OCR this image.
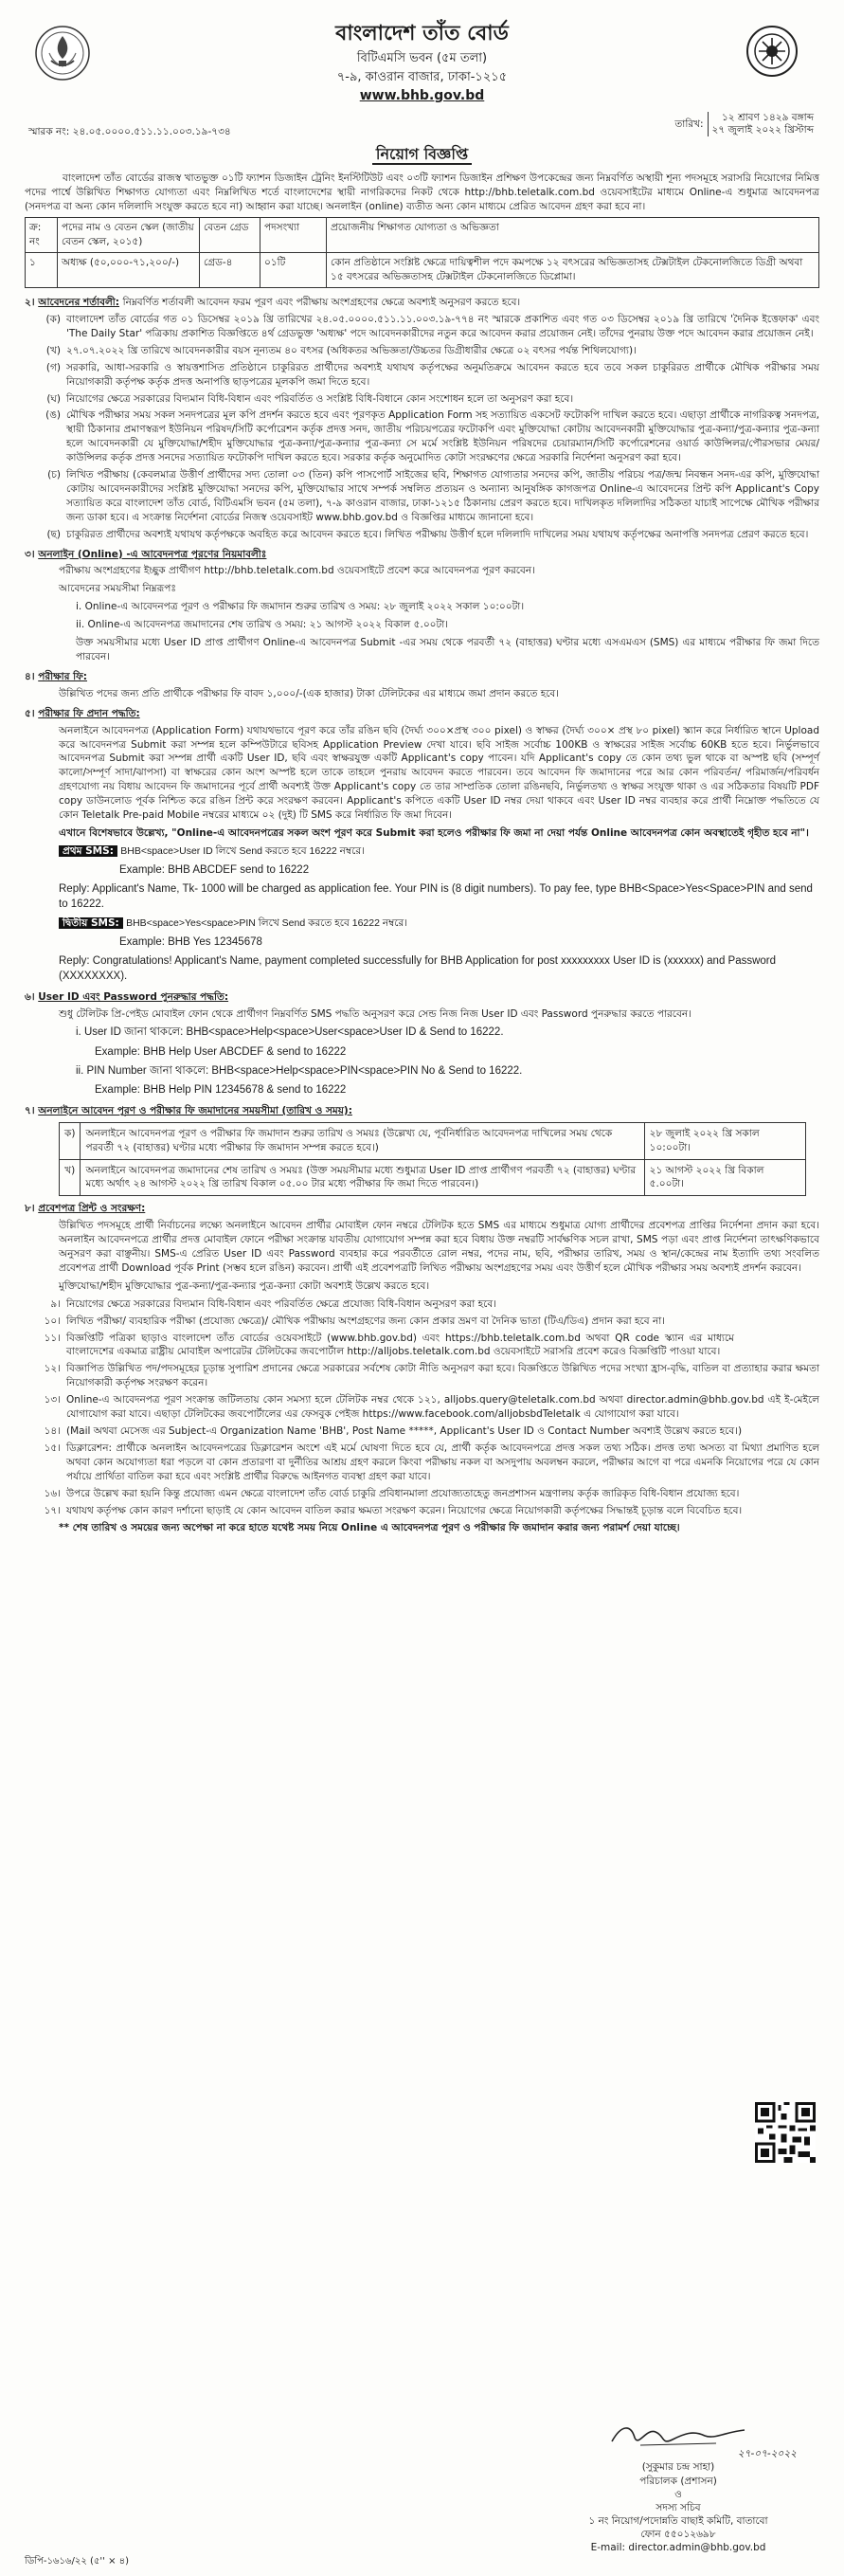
বাংলাদেশ তাঁত বোর্ড
বিটিএমসি ভবন (৫ম তলা)
৭-৯, কাওরান বাজার, ঢাকা-১২১৫
www.bhb.gov.bd
স্মারক নং: ২৪.০৫.০০০০.৫১১.১১.০০৩.১৯-৭৩৪
তারিখ:
১২ শ্রাবণ ১৪২৯ বঙ্গাব্দ
২৭ জুলাই ২০২২ খ্রিস্টাব্দ
নিয়োগ বিজ্ঞপ্তি

বাংলাদেশ তাঁত বোর্ডের রাজস্ব খাতভুক্ত ০১টি ফ্যাশন ডিজাইন ট্রেনিং ইনস্টিটিউট এবং ০৩টি ফ্যাশন ডিজাইন প্রশিক্ষণ উপকেন্দ্রের জন্য নিম্নবর্ণিত অস্থায়ী শূন্য পদসমূহে সরাসরি নিয়োগের নিমিত্ত পদের পার্শ্বে উল্লিখিত শিক্ষাগত যোগ্যতা এবং নিম্নলিখিত শর্তে বাংলাদেশের স্থায়ী নাগরিকদের নিকট থেকে http://bhb.teletalk.com.bd ওয়েবসাইটের মাধ্যমে Online-এ শুধুমাত্র আবেদনপত্র (সনদপত্র বা অন্য কোন দলিলাদি সংযুক্ত করতে হবে না) আহ্বান করা যাচ্ছে। অনলাইন (online) ব্যতীত অন্য কোন মাধ্যমে প্রেরিত আবেদন গ্রহণ করা হবে না।

ক্র: নং	পদের নাম ও বেতন স্কেল (জাতীয় বেতন স্কেল, ২০১৫)	বেতন গ্রেড	পদসংখ্যা	প্রয়োজনীয় শিক্ষাগত যোগ্যতা ও অভিজ্ঞতা
১	অধ্যক্ষ (৫০,০০০-৭১,২০০/-)	গ্রেড-৪	০১টি	কোন প্রতিষ্ঠানে সংশ্লিষ্ট ক্ষেত্রে দায়িত্বশীল পদে কমপক্ষে ১২ বৎসরের অভিজ্ঞতাসহ টেক্সটাইল টেকনোলজিতে ডিগ্রী অথবা ১৫ বৎসরের অভিজ্ঞতাসহ টেক্সটাইল টেকনোলজিতে ডিপ্লোমা।
২। আবেদনের শর্তাবলী: নিম্নবর্ণিত শর্তাবলী আবেদন ফরম পূরণ এবং পরীক্ষায় অংশগ্রহণের ক্ষেত্রে অবশ্যই অনুসরণ করতে হবে।
(ক) বাংলাদেশ তাঁত বোর্ডের গত ০১ ডিসেম্বর ২০১৯ খ্রি তারিখের ২৪.০৫.০০০০.৫১১.১১.০০৩.১৯-৭৭৪ নং স্মারকে প্রকাশিত এবং গত ০৩ ডিসেম্বর ২০১৯ খ্রি তারিখে 'দৈনিক ইত্তেফাক' এবং 'The Daily Star' পত্রিকায় প্রকাশিত বিজ্ঞপ্তিতে ৪র্থ গ্রেডভুক্ত 'অধ্যক্ষ' পদে আবেদনকারীদের নতুন করে আবেদন করার প্রয়োজন নেই। তাঁদের পুনরায় উক্ত পদে আবেদন করার প্রয়োজন নেই।
(খ) ২৭.০৭.২০২২ খ্রি তারিখে আবেদনকারীর বয়স নূন্যতম ৪০ বৎসর (অধিকতর অভিজ্ঞতা/উচ্চতর ডিগ্রীধারীর ক্ষেত্রে ০২ বৎসর পর্যন্ত শিথিলযোগ্য)।
(গ) সরকারি, আধা-সরকারি ও স্বায়ত্তশাসিত প্রতিষ্ঠানে চাকুরিরত প্রার্থীদের অবশ্যই যথাযথ কর্তৃপক্ষের অনুমতিক্রমে আবেদন করতে হবে তবে সকল চাকুরিরত প্রার্থীকে মৌখিক পরীক্ষার সময় নিয়োগকারী কর্তৃপক্ষ কর্তৃক প্রদত্ত অনাপত্তি ছাড়পত্রের মূলকপি জমা দিতে হবে।
(ঘ) নিয়োগের ক্ষেত্রে সরকারের বিদ্যমান বিধি-বিধান এবং পরিবর্তিত ও সংশ্লিষ্ট বিধি-বিধানে কোন সংশোধন হলে তা অনুসরণ করা হবে।
(ঙ) মৌখিক পরীক্ষার সময় সকল সনদপত্রের মূল কপি প্রদর্শন করতে হবে এবং পূরণকৃত Application Form সহ সত্যায়িত একসেট ফটোকপি দাখিল করতে হবে। এছাড়া প্রার্থীকে নাগরিকত্ব সনদপত্র, স্থায়ী ঠিকানার প্রমাণস্বরূপ ইউনিয়ন পরিষদ/সিটি কর্পোরেশন কর্তৃক প্রদত্ত সনদ, জাতীয় পরিচয়পত্রের ফটোকপি এবং মুক্তিযোদ্ধা কোটায় আবেদনকারী মুক্তিযোদ্ধার পুত্র-কন্যা/পুত্র-কন্যার পুত্র-কন্যা হলে আবেদনকারী যে মুক্তিযোদ্ধা/শহীদ মুক্তিযোদ্ধার পুত্র-কন্যা/পুত্র-কন্যার পুত্র-কন্যা সে মর্মে সংশ্লিষ্ট ইউনিয়ন পরিষদের চেয়ারম্যান/সিটি কর্পোরেশনের ওয়ার্ড কাউন্সিলর/পৌরসভার মেয়র/কাউন্সিলর কর্তৃক প্রদত্ত সনদের সত্যায়িত ফটোকপি দাখিল করতে হবে। সরকার কর্তৃক অনুমোদিত কোটা সংরক্ষণের ক্ষেত্রে সরকারি নির্দেশনা অনুসরণ করা হবে।
(চ) লিখিত পরীক্ষায় (কেবলমাত্র উত্তীর্ণ প্রার্থীদের সদ্য তোলা ০৩ (তিন) কপি পাসপোর্ট সাইজের ছবি, শিক্ষাগত যোগ্যতার সনদের কপি, জাতীয় পরিচয় পত্র/জন্ম নিবন্ধন সনদ-এর কপি, মুক্তিযোদ্ধা কোটায় আবেদনকারীদের সংশ্লিষ্ট মুক্তিযোদ্ধা সনদের কপি, মুক্তিযোদ্ধার সাথে সম্পর্ক সম্বলিত প্রত্যয়ন ও অন্যান্য আনুষঙ্গিক কাগজপত্র Online-এ আবেদনের প্রিন্ট কপি Applicant's Copy সত্যায়িত করে বাংলাদেশ তাঁত বোর্ড, বিটিএমসি ভবন (৫ম তলা), ৭-৯ কাওরান বাজার, ঢাকা-১২১৫ ঠিকানায় প্রেরণ করতে হবে। দাখিলকৃত দলিলাদির সঠিকতা যাচাই সাপেক্ষে মৌখিক পরীক্ষার জন্য ডাকা হবে। এ সংক্রান্ত নির্দেশনা বোর্ডের নিজস্ব ওয়েবসাইট www.bhb.gov.bd ও বিজ্ঞপ্তির মাধ্যমে জানানো হবে।
(ছ) চাকুরিরত প্রার্থীদের অবশ্যই যথাযথ কর্তৃপক্ষকে অবহিত করে আবেদন করতে হবে। লিখিত পরীক্ষায় উত্তীর্ণ হলে দলিলাদি দাখিলের সময় যথাযথ কর্তৃপক্ষের অনাপত্তি সনদপত্র প্রেরণ করতে হবে।
৩। অনলাইন (Online) -এ আবেদনপত্র পূরণের নিয়মাবলীঃ

পরীক্ষায় অংশগ্রহণের ইচ্ছুক প্রার্থীগণ http://bhb.teletalk.com.bd ওয়েবসাইটে প্রবেশ করে আবেদনপত্র পূরণ করবেন।

আবেদনের সময়সীমা নিম্নরূপঃ

i. Online-এ আবেদনপত্র পূরণ ও পরীক্ষার ফি জমাদান শুরুর তারিখ ও সময়: ২৮ জুলাই ২০২২ সকাল ১০:০০টা।

ii. Online-এ আবেদনপত্র জমাদানের শেষ তারিখ ও সময়: ২১ আগস্ট ২০২২ বিকাল ৫.০০টা।

উক্ত সময়সীমার মধ্যে User ID প্রাপ্ত প্রার্থীগণ Online-এ আবেদনপত্র Submit -এর সময় থেকে পরবর্তী ৭২ (বাহাত্তর) ঘণ্টার মধ্যে এসএমএস (SMS) এর মাধ্যমে পরীক্ষার ফি জমা দিতে পারবেন।

৪। পরীক্ষার ফি:

উল্লিখিত পদের জন্য প্রতি প্রার্থীকে পরীক্ষার ফি বাবদ ১,০০০/-(এক হাজার) টাকা টেলিটকের এর মাধ্যমে জমা প্রদান করতে হবে।

৫। পরীক্ষার ফি প্রদান পদ্ধতি:

অনলাইনে আবেদনপত্র (Application Form) যথাযথভাবে পূরণ করে তাঁর রঙিন ছবি (দৈর্ঘ্য ৩০০×প্রস্থ ৩০০ pixel) ও স্বাক্ষর (দৈর্ঘ্য ৩০০× প্রস্থ ৮০ pixel) স্ক্যান করে নির্ধারিত স্থানে Upload করে আবেদনপত্র Submit করা সম্পন্ন হলে কম্পিউটারে ছবিসহ Application Preview দেখা যাবে। ছবি সাইজ সর্বোচ্চ 100KB ও স্বাক্ষরের সাইজ সর্বোচ্চ 60KB হতে হবে। নির্ভুলভাবে আবেদনপত্র Submit করা সম্পন্ন প্রার্থী একটি User ID, ছবি এবং স্বাক্ষরযুক্ত একটি Applicant's copy পাবেন। যদি Applicant's copy তে কোন তথ্য ভুল থাকে বা অস্পষ্ট ছবি (সম্পূর্ণ কালো/সম্পূর্ণ সাদা/ঝাপসা) বা স্বাক্ষরের কোন অংশ অস্পষ্ট হলে তাকে তাহলে পুনরায় আবেদন করতে পারবেন। তবে আবেদন ফি জমাদানের পরে আর কোন পরিবর্তন/ পরিমার্জন/পরিবর্ধন গ্রহণযোগ্য নয় বিধায় আবেদন ফি জমাদানের পূর্বে প্রার্থী অবশ্যই উক্ত Applicant's copy তে তার সাম্প্রতিক তোলা রঙিনছবি, নির্ভুলতথ্য ও স্বাক্ষর সংযুক্ত থাকা ও এর সঠিকতার বিষয়টি PDF copy ডাউনলোড পূর্বক নিশ্চিত করে রঙিন প্রিন্ট করে সংরক্ষণ করবেন। Applicant's কপিতে একটি User ID নম্বর দেয়া থাকবে এবং User ID নম্বর ব্যবহার করে প্রার্থী নিম্নোক্ত পদ্ধতিতে যে কোন Teletalk Pre-paid Mobile নম্বরের মাধ্যমে ০২ (দুই) টি SMS করে নির্ধারিত ফি জমা দিবেন।

এখানে বিশেষভাবে উল্লেখ্য, "Online-এ আবেদনপত্রের সকল অংশ পূরণ করে Submit করা হলেও পরীক্ষার ফি জমা না দেয়া পর্যন্ত Online আবেদনপত্র কোন অবস্থাতেই গৃহীত হবে না"।

প্রথম SMS: BHB<space>User ID লিখে Send করতে হবে 16222 নম্বরে।

Example: BHB ABCDEF send to 16222
Reply: Applicant's Name, Tk- 1000 will be charged as application fee. Your PIN is (8 digit numbers). To pay fee, type BHB<Space>Yes<Space>PIN and send to 16222.

দ্বিতীয় SMS: BHB<space>Yes<space>PIN লিখে Send করতে হবে 16222 নম্বরে।

Example: BHB Yes 12345678
Reply: Congratulations! Applicant's Name, payment completed successfully for BHB Application for post xxxxxxxxx User ID is (xxxxxx) and Password (XXXXXXXX).
৬। User ID এবং Password পুনরুদ্ধার পদ্ধতি:

শুধু টেলিটক প্রি-পেইড মোবাইল ফোন থেকে প্রার্থীগণ নিম্নবর্ণিত SMS পদ্ধতি অনুসরণ করে সেন্ড নিজ নিজ User ID এবং Password পুনরুদ্ধার করতে পারবেন।

i. User ID জানা থাকলে: BHB<space>Help<space>User<space>User ID & Send to 16222.

Example: BHB Help User ABCDEF & send to 16222

ii. PIN Number জানা থাকলে: BHB<space>Help<space>PIN<space>PIN No & Send to 16222.

Example: BHB Help PIN 12345678 & send to 16222

৭। অনলাইনে আবেদন পূরণ ও পরীক্ষার ফি জমাদানের সময়সীমা (তারিখ ও সময়):
ক)	অনলাইনে আবেদনপত্র পূরণ ও পরীক্ষার ফি জমাদান শুরুর তারিখ ও সময়ঃ (উল্লেখ্য যে, পূর্বনির্ধারিত আবেদনপত্র দাখিলের সময় থেকে পরবর্তী ৭২ (বাহাত্তর) ঘণ্টার মধ্যে পরীক্ষার ফি জমাদান সম্পন্ন করতে হবে।)	২৮ জুলাই ২০২২ খ্রি সকাল ১০:০০টা।
খ)	অনলাইনে আবেদনপত্র জমাদানের শেষ তারিখ ও সময়ঃ (উক্ত সময়সীমার মধ্যে শুধুমাত্র User ID প্রাপ্ত প্রার্থীগণ পরবর্তী ৭২ (বাহাত্তর) ঘণ্টার মধ্যে অর্থাৎ ২৪ আগস্ট ২০২২ খ্রি তারিখ বিকাল ০৫.০০ টার মধ্যে পরীক্ষার ফি জমা দিতে পারবেন।)	২১ আগস্ট ২০২২ খ্রি বিকাল ৫.০০টা।
৮। প্রবেশপত্র প্রিন্ট ও সংরক্ষণ:

উল্লিখিত পদসমূহে প্রার্থী নির্বাচনের লক্ষ্যে অনলাইনে আবেদন প্রার্থীর মোবাইল ফোন নম্বরে টেলিটক হতে SMS এর মাধ্যমে শুধুমাত্র যোগ্য প্রার্থীদের প্রবেশপত্র প্রাপ্তির নির্দেশনা প্রদান করা হবে। অনলাইন আবেদনপত্রে প্রার্থীর প্রদত্ত মোবাইল ফোনে পরীক্ষা সংক্রান্ত যাবতীয় যোগাযোগ সম্পন্ন করা হবে বিধায় উক্ত নম্বরটি সার্বক্ষণিক সচল রাখা, SMS পড়া এবং প্রাপ্ত নির্দেশনা তাৎক্ষণিকভাবে অনুসরণ করা বাঞ্ছনীয়। SMS-এ প্রেরিত User ID এবং Password ব্যবহার করে পরবর্তীতে রোল নম্বর, পদের নাম, ছবি, পরীক্ষার তারিখ, সময় ও স্থান/কেন্দ্রের নাম ইত্যাদি তথ্য সংবলিত প্রবেশপত্র প্রার্থী Download পূর্বক Print (সম্ভব হলে রঙিন) করবেন। প্রার্থী এই প্রবেশপত্রটি লিখিত পরীক্ষায় অংশগ্রহণের সময় এবং উত্তীর্ণ হলে মৌখিক পরীক্ষার সময় অবশ্যই প্রদর্শন করবেন।

মুক্তিযোদ্ধা/শহীদ মুক্তিযোদ্ধার পুত্র-কন্যা/পুত্র-কন্যার পুত্র-কন্যা কোটা অবশ্যই উল্লেখ করতে হবে।

৯। নিয়োগের ক্ষেত্রে সরকারের বিদ্যমান বিধি-বিধান এবং পরিবর্তিত ক্ষেত্রে প্রযোজ্য বিধি-বিধান অনুসরণ করা হবে।
১০। লিখিত পরীক্ষা/ ব্যবহারিক পরীক্ষা (প্রযোজ্য ক্ষেত্রে)/ মৌখিক পরীক্ষায় অংশগ্রহণের জন্য কোন প্রকার ভ্রমণ বা দৈনিক ভাতা (টিএ/ডিএ) প্রদান করা হবে না।
১১। বিজ্ঞপ্তিটি পত্রিকা ছাড়াও বাংলাদেশ তাঁত বোর্ডের ওয়েবসাইটে (www.bhb.gov.bd) এবং https://bhb.teletalk.com.bd অথবা QR code স্ক্যান এর মাধ্যমে বাংলাদেশের একমাত্র রাষ্ট্রীয় মোবাইল অপারেটর টেলিটকের জবপোর্টাল http://alljobs.teletalk.com.bd ওয়েবসাইটে সরাসরি প্রবেশ করেও বিজ্ঞপ্তিটি পাওয়া যাবে।
১২। বিজ্ঞাপিত উল্লিখিত পদ/পদসমূহের চূড়ান্ত সুপারিশ প্রদানের ক্ষেত্রে সরকারের সর্বশেষ কোটা নীতি অনুসরণ করা হবে। বিজ্ঞপ্তিতে উল্লিখিত পদের সংখ্যা হ্রাস-বৃদ্ধি, বাতিল বা প্রত্যাহার করার ক্ষমতা নিয়োগকারী কর্তৃপক্ষ সংরক্ষণ করেন।
১৩। Online-এ আবেদনপত্র পূরণ সংক্রান্ত জটিলতায় কোন সমস্যা হলে টেলিটক নম্বর থেকে ১২১, alljobs.query@teletalk.com.bd অথবা director.admin@bhb.gov.bd এই ই-মেইলে যোগাযোগ করা যাবে। এছাড়া টেলিটকের জবপোর্টালের এর ফেসবুক পেইজ https://www.facebook.com/alljobsbdTeletalk এ যোগাযোগ করা যাবে।
১৪। (Mail অথবা মেসেজ এর Subject-এ Organization Name 'BHB', Post Name *****, Applicant's User ID ও Contact Number অবশ্যই উল্লেখ করতে হবে।)
১৫। ডিক্লারেশন: প্রার্থীকে অনলাইন আবেদনপত্রের ডিক্লারেশন অংশে এই মর্মে ঘোষণা দিতে হবে যে, প্রার্থী কর্তৃক আবেদনপত্রে প্রদত্ত সকল তথ্য সঠিক। প্রদত্ত তথ্য অসত্য বা মিথ্যা প্রমাণিত হলে অথবা কোন অযোগ্যতা ধরা পড়লে বা কোন প্রতারণা বা দুর্নীতির আশ্রয় গ্রহণ করলে কিংবা পরীক্ষায় নকল বা অসদুপায় অবলম্বন করলে, পরীক্ষার আগে বা পরে এমনকি নিয়োগের পরে যে কোন পর্যায়ে প্রার্থিতা বাতিল করা হবে এবং সংশ্লিষ্ট প্রার্থীর বিরুদ্ধে আইনগত ব্যবস্থা গ্রহণ করা যাবে।
১৬। উপরে উল্লেখ করা হয়নি কিন্তু প্রযোজ্য এমন ক্ষেত্রে বাংলাদেশ তাঁত বোর্ড চাকুরি প্রবিধানমালা প্রযোজ্যতাহেতু জনপ্রশাসন মন্ত্রণালয় কর্তৃক জারিকৃত বিধি-বিধান প্রযোজ্য হবে।
১৭। যথাযথ কর্তৃপক্ষ কোন কারণ দর্শানো ছাড়াই যে কোন আবেদন বাতিল করার ক্ষমতা সংরক্ষণ করেন। নিয়োগের ক্ষেত্রে নিয়োগকারী কর্তৃপক্ষের সিদ্ধান্তই চূড়ান্ত বলে বিবেচিত হবে।

** শেষ তারিখ ও সময়ের জন্য অপেক্ষা না করে হাতে যথেষ্ট সময় নিয়ে Online এ আবেদনপত্র পূরণ ও পরীক্ষার ফি জমাদান করার জন্য পরামর্শ দেয়া যাচ্ছে।

২৭-০৭-২০২২
(সুকুমার চন্দ্র সাহা)
পরিচালক (প্রশাসন)
ও
সদস্য সচিব
১ নং নিয়োগ/পদোন্নতি বাছাই কমিটি, বাতাবো
ফোন ৫৫০১২৬৯৮
E-mail: director.admin@bhb.gov.bd
ডিপি-১৬১৬/২২ (৫'' × ৪)
